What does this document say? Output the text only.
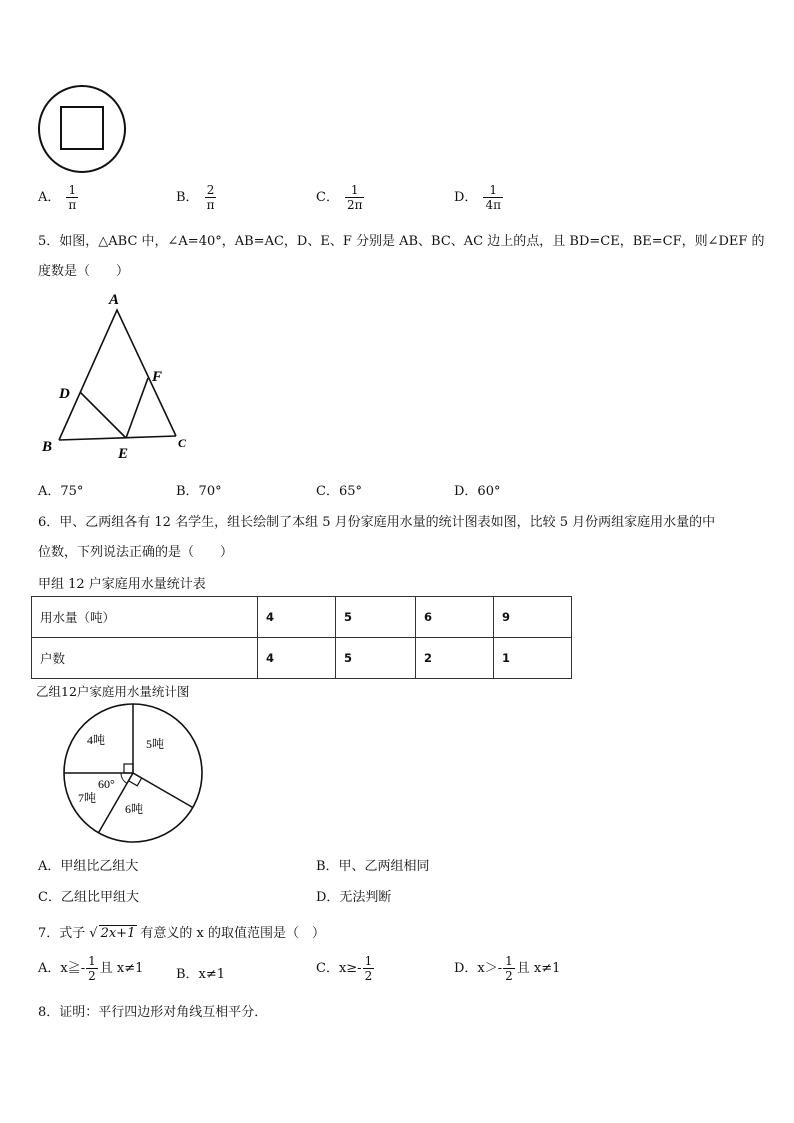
A． $\frac{1}{\pi}$	B． $\frac{2}{\pi}$	C． $\frac{1}{2\pi}$	D． $\frac{1}{4\pi}$
5．如图，△ABC 中，∠A=40°，AB=AC，D、E、F 分别是 AB、BC、AC 边上的点，且 BD=CE，BE=CF，则∠DEF 的
度数是（　　）
A
B	C
D
E
F
A．75°	B．70°	C．65°	D．60°
6．甲、乙两组各有 12 名学生，组长绘制了本组 5 月份家庭用水量的统计图表如图，比较 5 月份两组家庭用水量的中
位数，下列说法正确的是（　　）
甲组 12 户家庭用水量统计表
用水量（吨）	4	5	6	9
户数	4	5	2	1
乙组12户家庭用水量统计图
4吨	5吨
7吨
6吨
60°
A．甲组比乙组大	B．甲、乙两组相同
C．乙组比甲组大	D．无法判断
7．式子 √ 2x+1 有意义的 x 的取值范围是（　）
A．x≧- $\frac{1}{2}$ 且 x≠1	B．x≠1	C．$x\ge- \frac{1}{2}$	D．$x>- \frac{1}{2}$ 且 x≠1
8．证明：平行四边形对角线互相平分．
